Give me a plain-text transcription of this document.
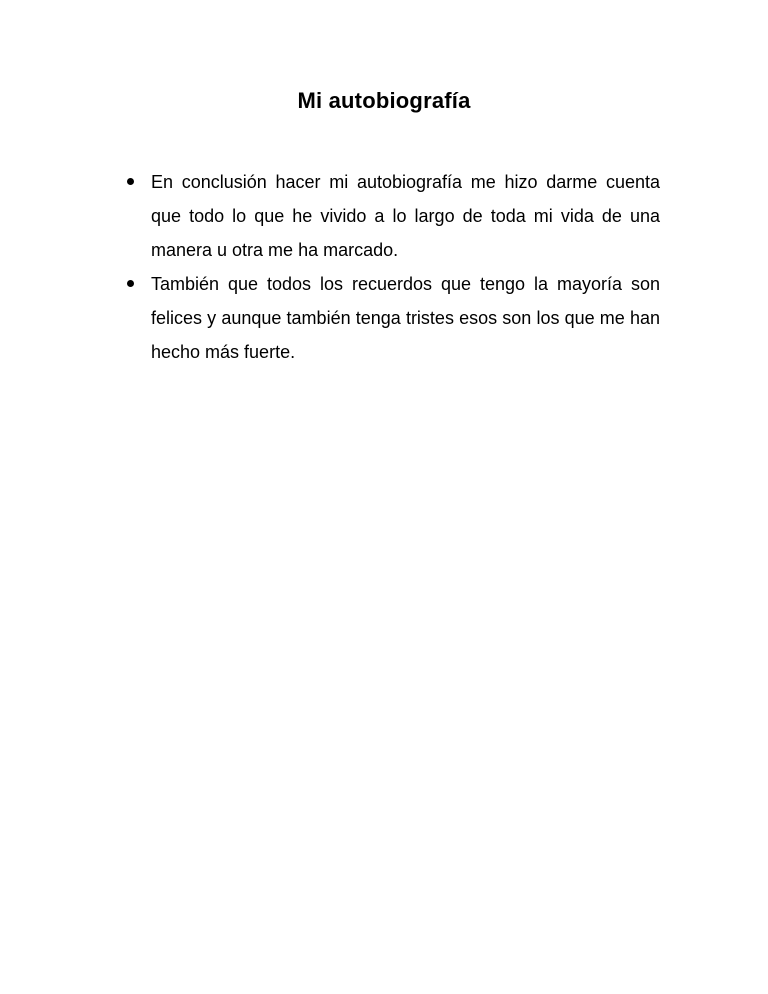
Mi autobiografía
En conclusión hacer mi autobiografía me hizo darme cuenta que todo lo que he vivido a lo largo de toda mi vida de una manera u otra me ha marcado.
También que todos los recuerdos que tengo la mayoría son felices y aunque también tenga tristes esos son los que me han hecho más fuerte.
